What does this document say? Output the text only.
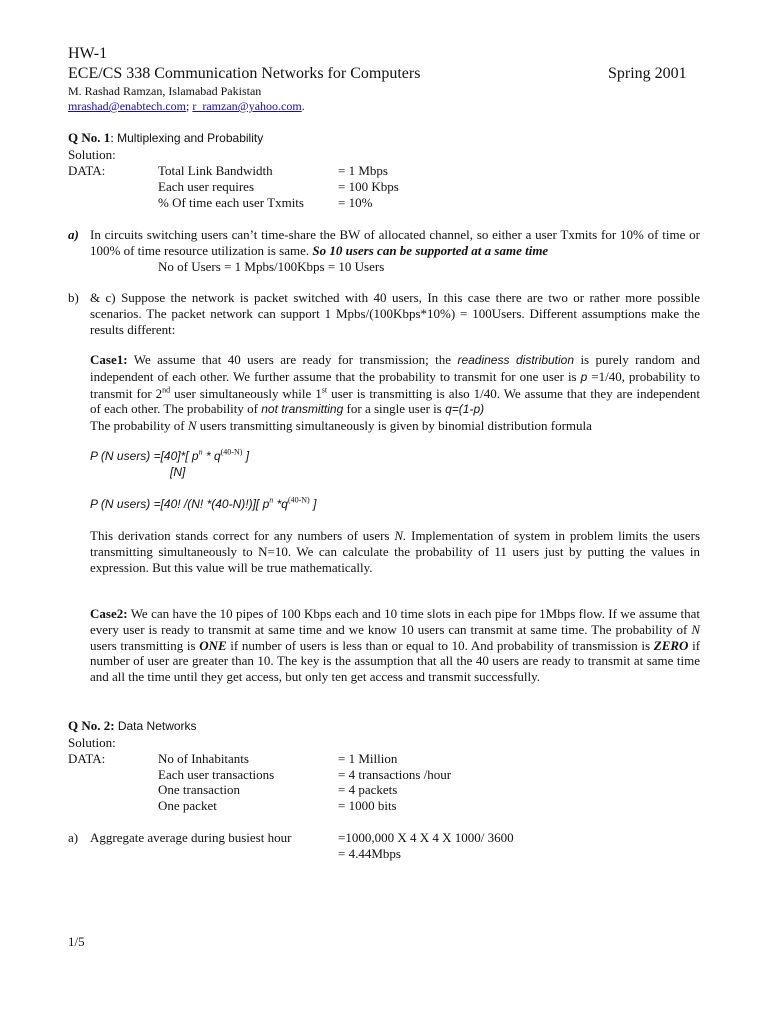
HW-1
ECE/CS 338 Communication Networks for Computers	Spring 2001
M. Rashad Ramzan, Islamabad Pakistan
mrashad@enabtech.com; r_ramzan@yahoo.com.
Q No. 1: Multiplexing and Probability
Solution:
DATA:	Total Link Bandwidth	= 1 Mbps
Each user requires	= 100 Kbps
% Of time each user Txmits	= 10%
a) In circuits switching users can’t time-share the BW of allocated channel, so either a user Txmits for 10% of time or 100% of time resource utilization is same. So 10 users can be supported at a same time
No of Users = 1 Mpbs/100Kbps = 10 Users
b) & c) Suppose the network is packet switched with 40 users, In this case there are two or rather more possible scenarios. The packet network can support 1 Mpbs/(100Kbps*10%) = 100Users. Different assumptions make the results different:
Case1: We assume that 40 users are ready for transmission; the readiness distribution is purely random and independent of each other. We further assume that the probability to transmit for one user is p =1/40, probability to transmit for 2nd user simultaneously while 1st user is transmitting is also 1/40. We assume that they are independent of each other. The probability of not transmitting for a single user is q=(1-p)
The probability of N users transmitting simultaneously is given by binomial distribution formula
P (N users) =[40]*[ $p^n * q^{(40-N)}$ ]
[N]
P (N users) =[40! /(N! *(40-N)!)][ $p^n$ $*q^{(40-N)}$ ]
This derivation stands correct for any numbers of users N. Implementation of system in problem limits the users transmitting simultaneously to N=10. We can calculate the probability of 11 users just by putting the values in expression. But this value will be true mathematically.
Case2: We can have the 10 pipes of 100 Kbps each and 10 time slots in each pipe for 1Mbps flow. If we assume that every user is ready to transmit at same time and we know 10 users can transmit at same time. The probability of N users transmitting is ONE if number of users is less than or equal to 10. And probability of transmission is ZERO if number of user are greater than 10. The key is the assumption that all the 40 users are ready to transmit at same time and all the time until they get access, but only ten get access and transmit successfully.
Q No. 2: Data Networks
Solution:
DATA:	No of Inhabitants	= 1 Million
Each user transactions	= 4 transactions /hour
One transaction	= 4 packets
One packet	= 1000 bits
a) Aggregate average during busiest hour	=1000,000 X 4 X 4 X 1000/ 3600
= 4.44Mbps
1/5
